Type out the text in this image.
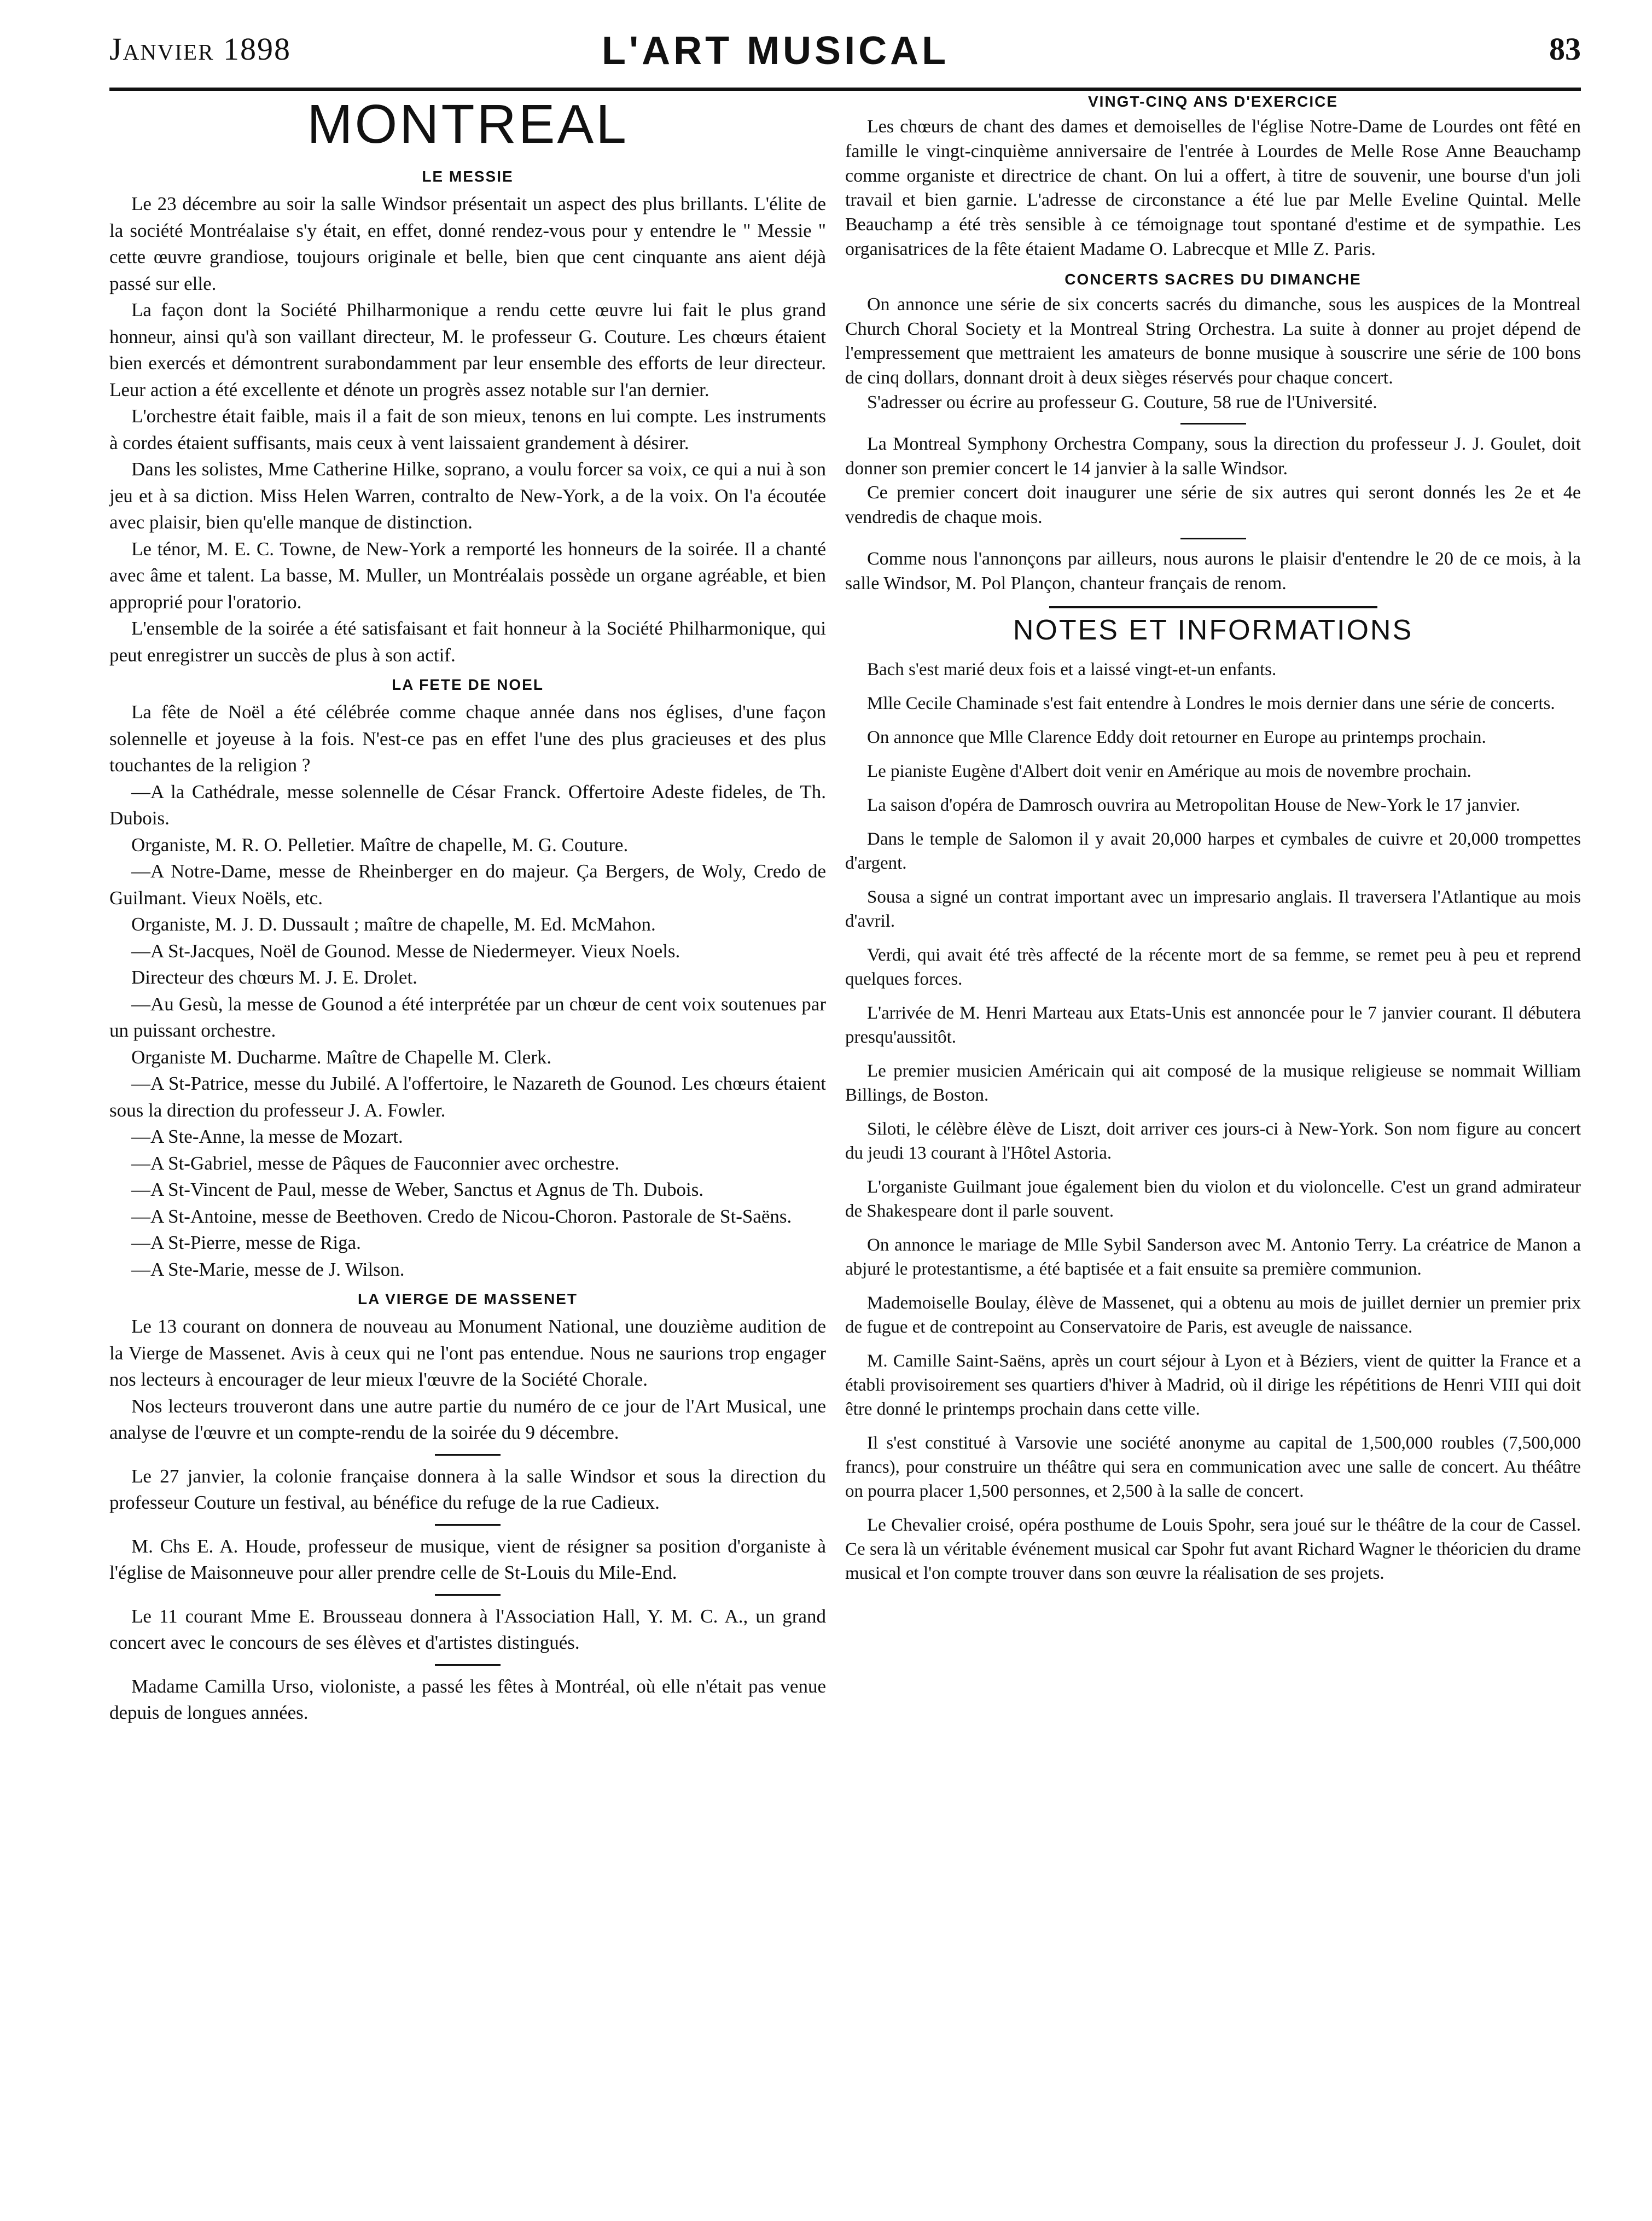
Janvier 1898	L'ART MUSICAL	83
MONTREAL
LE MESSIE

Le 23 décembre au soir la salle Windsor présentait un aspect des plus brillants. L'élite de la société Montréalaise s'y était, en effet, donné rendez-vous pour y entendre le " Messie " cette œuvre grandiose, toujours originale et belle, bien que cent cinquante ans aient déjà passé sur elle.

La façon dont la Société Philharmonique a rendu cette œuvre lui fait le plus grand honneur, ainsi qu'à son vaillant directeur, M. le professeur G. Couture. Les chœurs étaient bien exercés et démontrent surabondamment par leur ensemble des efforts de leur directeur. Leur action a été excellente et dénote un progrès assez notable sur l'an dernier.

L'orchestre était faible, mais il a fait de son mieux, tenons en lui compte. Les instruments à cordes étaient suffisants, mais ceux à vent laissaient grandement à désirer.

Dans les solistes, Mme Catherine Hilke, soprano, a voulu forcer sa voix, ce qui a nui à son jeu et à sa diction. Miss Helen Warren, contralto de New-York, a de la voix. On l'a écoutée avec plaisir, bien qu'elle manque de distinction.

Le ténor, M. E. C. Towne, de New-York a remporté les honneurs de la soirée. Il a chanté avec âme et talent. La basse, M. Muller, un Montréalais possède un organe agréable, et bien approprié pour l'oratorio.

L'ensemble de la soirée a été satisfaisant et fait honneur à la Société Philharmonique, qui peut enregistrer un succès de plus à son actif.

LA FETE DE NOEL

La fête de Noël a été célébrée comme chaque année dans nos églises, d'une façon solennelle et joyeuse à la fois. N'est-ce pas en effet l'une des plus gracieuses et des plus touchantes de la religion ?

—A la Cathédrale, messe solennelle de César Franck. Offertoire Adeste fideles, de Th. Dubois.

Organiste, M. R. O. Pelletier. Maître de chapelle, M. G. Couture.

—A Notre-Dame, messe de Rheinberger en do majeur. Ça Bergers, de Woly, Credo de Guilmant. Vieux Noëls, etc.

Organiste, M. J. D. Dussault ; maître de chapelle, M. Ed. McMahon.

—A St-Jacques, Noël de Gounod. Messe de Niedermeyer. Vieux Noels.

Directeur des chœurs M. J. E. Drolet.

—Au Gesù, la messe de Gounod a été interprétée par un chœur de cent voix soutenues par un puissant orchestre.

Organiste M. Ducharme. Maître de Chapelle M. Clerk.

—A St-Patrice, messe du Jubilé. A l'offertoire, le Nazareth de Gounod. Les chœurs étaient sous la direction du professeur J. A. Fowler.

—A Ste-Anne, la messe de Mozart.

—A St-Gabriel, messe de Pâques de Fauconnier avec orchestre.

—A St-Vincent de Paul, messe de Weber, Sanctus et Agnus de Th. Dubois.

—A St-Antoine, messe de Beethoven. Credo de Nicou-Choron. Pastorale de St-Saëns.

—A St-Pierre, messe de Riga.

—A Ste-Marie, messe de J. Wilson.

LA VIERGE DE MASSENET

Le 13 courant on donnera de nouveau au Monument National, une douzième audition de la Vierge de Massenet. Avis à ceux qui ne l'ont pas entendue. Nous ne saurions trop engager nos lecteurs à encourager de leur mieux l'œuvre de la Société Chorale.

Nos lecteurs trouveront dans une autre partie du numéro de ce jour de l'Art Musical, une analyse de l'œuvre et un compte-rendu de la soirée du 9 décembre.

Le 27 janvier, la colonie française donnera à la salle Windsor et sous la direction du professeur Couture un festival, au bénéfice du refuge de la rue Cadieux.

M. Chs E. A. Houde, professeur de musique, vient de résigner sa position d'organiste à l'église de Maisonneuve pour aller prendre celle de St-Louis du Mile-End.

Le 11 courant Mme E. Brousseau donnera à l'Association Hall, Y. M. C. A., un grand concert avec le concours de ses élèves et d'artistes distingués.

Madame Camilla Urso, violoniste, a passé les fêtes à Montréal, où elle n'était pas venue depuis de longues années.

VINGT-CINQ ANS D'EXERCICE

Les chœurs de chant des dames et demoiselles de l'église Notre-Dame de Lourdes ont fêté en famille le vingt-cinquième anniversaire de l'entrée à Lourdes de Melle Rose Anne Beauchamp comme organiste et directrice de chant. On lui a offert, à titre de souvenir, une bourse d'un joli travail et bien garnie. L'adresse de circonstance a été lue par Melle Eveline Quintal. Melle Beauchamp a été très sensible à ce témoignage tout spontané d'estime et de sympathie. Les organisatrices de la fête étaient Madame O. Labrecque et Mlle Z. Paris.

CONCERTS SACRES DU DIMANCHE

On annonce une série de six concerts sacrés du dimanche, sous les auspices de la Montreal Church Choral Society et la Montreal String Orchestra. La suite à donner au projet dépend de l'empressement que mettraient les amateurs de bonne musique à souscrire une série de 100 bons de cinq dollars, donnant droit à deux sièges réservés pour chaque concert.

S'adresser ou écrire au professeur G. Couture, 58 rue de l'Université.

La Montreal Symphony Orchestra Company, sous la direction du professeur J. J. Goulet, doit donner son premier concert le 14 janvier à la salle Windsor.

Ce premier concert doit inaugurer une série de six autres qui seront donnés les 2e et 4e vendredis de chaque mois.

Comme nous l'annonçons par ailleurs, nous aurons le plaisir d'entendre le 20 de ce mois, à la salle Windsor, M. Pol Plançon, chanteur français de renom.

NOTES ET INFORMATIONS

Bach s'est marié deux fois et a laissé vingt-et-un enfants.

Mlle Cecile Chaminade s'est fait entendre à Londres le mois dernier dans une série de concerts.

On annonce que Mlle Clarence Eddy doit retourner en Europe au printemps prochain.

Le pianiste Eugène d'Albert doit venir en Amérique au mois de novembre prochain.

La saison d'opéra de Damrosch ouvrira au Metropolitan House de New-York le 17 janvier.

Dans le temple de Salomon il y avait 20,000 harpes et cymbales de cuivre et 20,000 trompettes d'argent.

Sousa a signé un contrat important avec un impresario anglais. Il traversera l'Atlantique au mois d'avril.

Verdi, qui avait été très affecté de la récente mort de sa femme, se remet peu à peu et reprend quelques forces.

L'arrivée de M. Henri Marteau aux Etats-Unis est annoncée pour le 7 janvier courant. Il débutera presqu'aussitôt.

Le premier musicien Américain qui ait composé de la musique religieuse se nommait William Billings, de Boston.

Siloti, le célèbre élève de Liszt, doit arriver ces jours-ci à New-York. Son nom figure au concert du jeudi 13 courant à l'Hôtel Astoria.

L'organiste Guilmant joue également bien du violon et du violoncelle. C'est un grand admirateur de Shakespeare dont il parle souvent.

On annonce le mariage de Mlle Sybil Sanderson avec M. Antonio Terry. La créatrice de Manon a abjuré le protestantisme, a été baptisée et a fait ensuite sa première communion.

Mademoiselle Boulay, élève de Massenet, qui a obtenu au mois de juillet dernier un premier prix de fugue et de contrepoint au Conservatoire de Paris, est aveugle de naissance.

M. Camille Saint-Saëns, après un court séjour à Lyon et à Béziers, vient de quitter la France et a établi provisoirement ses quartiers d'hiver à Madrid, où il dirige les répétitions de Henri VIII qui doit être donné le printemps prochain dans cette ville.

Il s'est constitué à Varsovie une société anonyme au capital de 1,500,000 roubles (7,500,000 francs), pour construire un théâtre qui sera en communication avec une salle de concert. Au théâtre on pourra placer 1,500 personnes, et 2,500 à la salle de concert.

Le Chevalier croisé, opéra posthume de Louis Spohr, sera joué sur le théâtre de la cour de Cassel. Ce sera là un véritable événement musical car Spohr fut avant Richard Wagner le théoricien du drame musical et l'on compte trouver dans son œuvre la réalisation de ses projets.
